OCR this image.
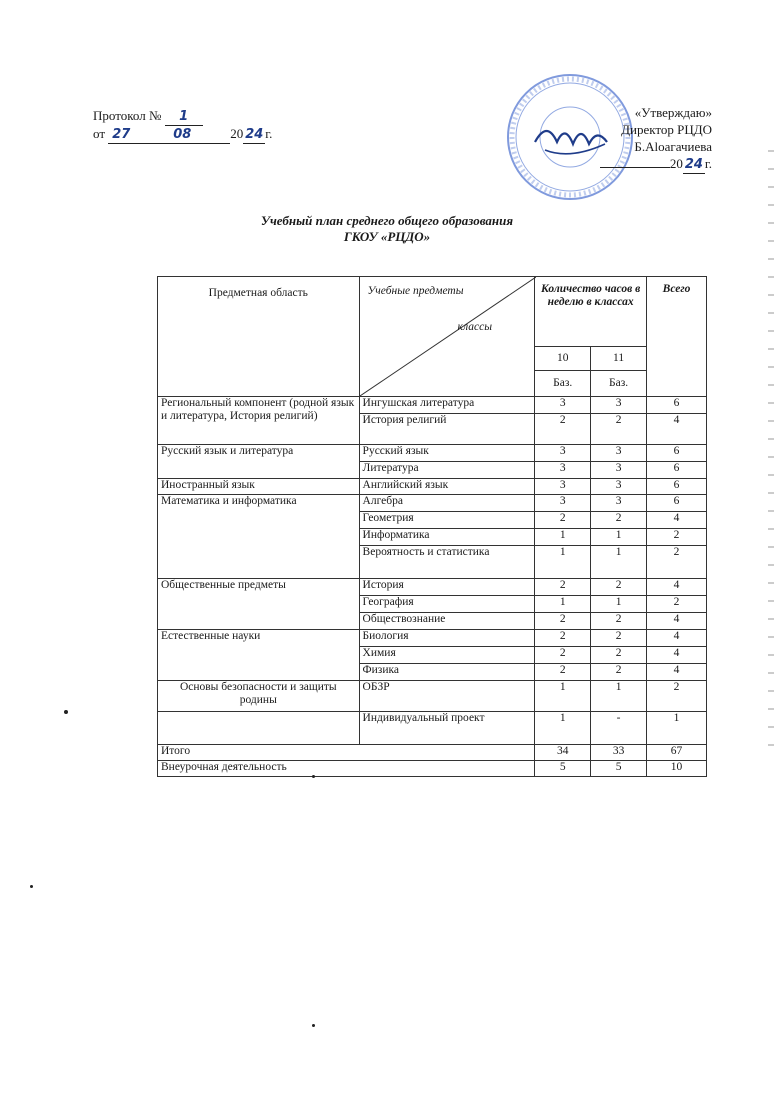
Протокол № 1
от 27	08	20 24 г.
«Утверждаю»
Директор РЦДО
Б.Аloaгачиева
20 24 г.
Учебный план среднего общего образования
ГКОУ «РЦДО»
Предметная область	Учебные предметы
классы	Количество часов в неделю в классах		Всего
		10	11	
		Баз.	Баз.	
Региональный компонент (родной язык и литература, История религий)	Ингушская литература	3	3	6
	История религий	2	2	4
Русский язык и литература	Русский язык	3	3	6
	Литература	3	3	6
Иностранный язык	Английский язык	3	3	6
Математика и информатика	Алгебра	3	3	6
	Геометрия	2	2	4
	Информатика	1	1	2
	Вероятность и статистика	1	1	2
Общественные предметы	История	2	2	4
	География	1	1	2
	Обществознание	2	2	4
Естественные науки	Биология	2	2	4
	Химия	2	2	4
	Физика	2	2	4
Основы безопасности и защиты родины	ОБЗР	1	1	2
	Индивидуальный проект	1	-	1
Итого		34	33	67
Внеурочная деятельность		5	5	10
